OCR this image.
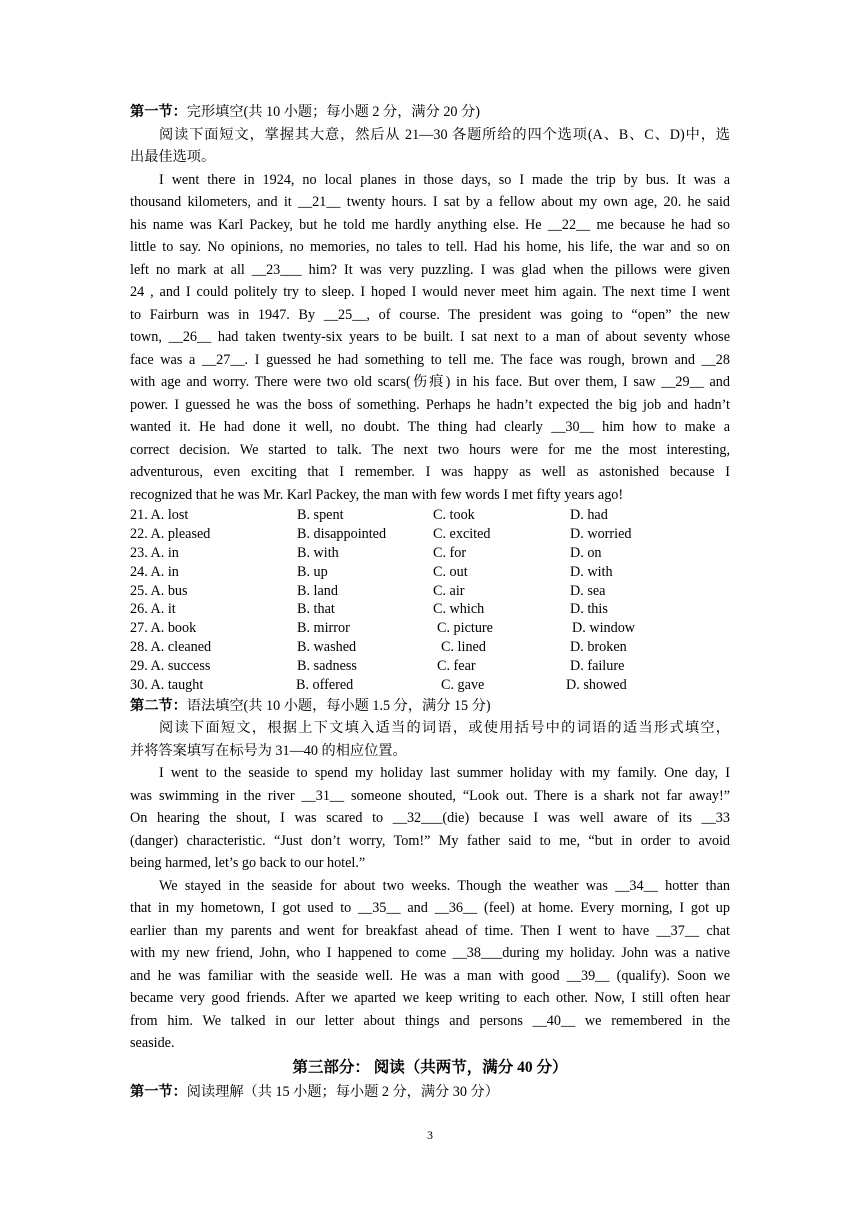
第一节：完形填空(共 10 小题；每小题 2 分，满分 20 分)
阅读下面短文，掌握其大意，然后从 21—30 各题所给的四个选项(A、B、C、D)中，选
出最佳选项。
I went there in 1924, no local planes in those days, so I made the trip by bus. It was a
thousand kilometers, and it __21__ twenty hours. I sat by a fellow about my own age, 20. he said
his name was Karl Packey, but he told me hardly anything else. He __22__ me because he had so
little to say. No opinions, no memories, no tales to tell. Had his home, his life, the war and so on
left no mark at all __23___ him? It was very puzzling. I was glad when the pillows were given
24 , and I could politely try to sleep. I hoped I would never meet him again. The next time I went
to Fairburn was in 1947. By __25__, of course. The president was going to “open” the new
town, __26__ had taken twenty-six years to be built. I sat next to a man of about seventy whose
face was a __27__. I guessed he had something to tell me. The face was rough, brown and __28
with age and worry. There were two old scars(伤痕) in his face. But over them, I saw __29__ and
power. I guessed he was the boss of something. Perhaps he hadn’t expected the big job and hadn’t
wanted it. He had done it well, no doubt. The thing had clearly __30__ him how to make a
correct decision. We started to talk. The next two hours were for me the most interesting,
adventurous, even exciting that I remember. I was happy as well as astonished because I
recognized that he was Mr. Karl Packey, the man with few words I met fifty years ago!
21. A. lost	B. spent	C. took	D. had
22. A. pleased	B. disappointed	C. excited	D. worried
23. A. in	B. with	C. for	D. on
24. A. in	B. up	C. out	D. with
25. A. bus	B. land	C. air	D. sea
26. A. it	B. that	C. which	D. this
27. A. book	B. mirror	C. picture	D. window
28. A. cleaned	B. washed	C. lined	D. broken
29. A. success	B. sadness	C. fear	D. failure
30. A. taught	B. offered	C. gave	D. showed
第二节：语法填空(共 10 小题，每小题 1.5 分，满分 15 分)
阅读下面短文，根据上下文填入适当的词语，或使用括号中的词语的适当形式填空，
并将答案填写在标号为 31—40 的相应位置。
I went to the seaside to spend my holiday last summer holiday with my family. One day, I
was swimming in the river __31__ someone shouted, “Look out. There is a shark not far away!”
On hearing the shout, I was scared to __32___(die) because I was well aware of its __33
(danger) characteristic. “Just don’t worry, Tom!” My father said to me, “but in order to avoid
being harmed, let’s go back to our hotel.”
We stayed in the seaside for about two weeks. Though the weather was __34__ hotter than
that in my hometown, I got used to __35__ and __36__ (feel) at home. Every morning, I got up
earlier than my parents and went for breakfast ahead of time. Then I went to have __37__ chat
with my new friend, John, who I happened to come __38___during my holiday. John was a native
and he was familiar with the seaside well. He was a man with good __39__ (qualify). Soon we
became very good friends. After we aparted we keep writing to each other. Now, I still often hear
from him. We talked in our letter about things and persons __40__ we remembered in the
seaside.
第三部分： 阅读（共两节，满分 40 分）
第一节：阅读理解（共 15 小题；每小题 2 分，满分 30 分）
3
